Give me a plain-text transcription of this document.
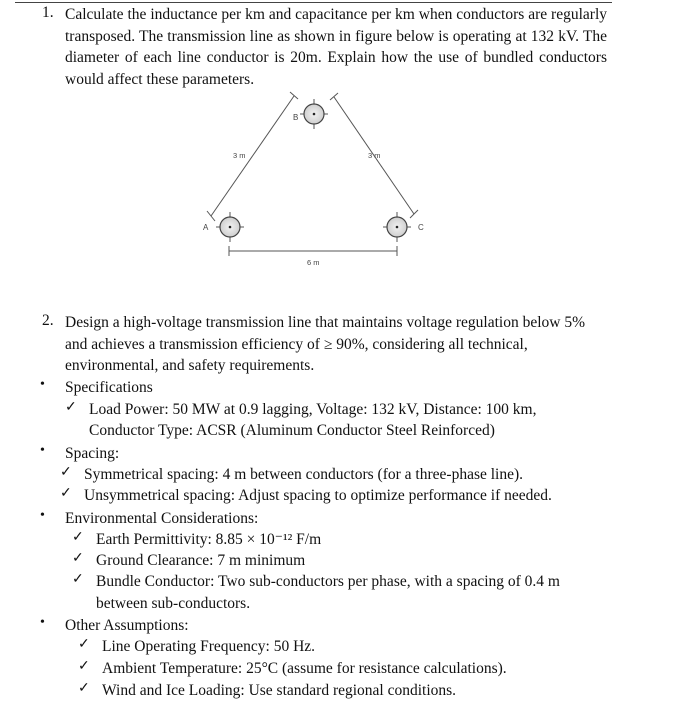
1. Calculate the inductance per km and capacitance per km when conductors are regularly transposed. The transmission line as shown in figure below is operating at 132 kV. The diameter of each line conductor is 20m. Explain how the use of bundled conductors would affect these parameters.
B
A	C
3 m	3 m
6 m
2. Design a high-voltage transmission line that maintains voltage regulation below 5%
and achieves a transmission efficiency of ≥ 90%, considering all technical,
environmental, and safety requirements.
• Specifications
✓ Load Power: 50 MW at 0.9 lagging, Voltage: 132 kV, Distance: 100 km,
Conductor Type: ACSR (Aluminum Conductor Steel Reinforced)
• Spacing:
✓ Symmetrical spacing: 4 m between conductors (for a three-phase line).
✓ Unsymmetrical spacing: Adjust spacing to optimize performance if needed.
• Environmental Considerations:
✓ Earth Permittivity: 8.85 × 10⁻¹² F/m
✓ Ground Clearance: 7 m minimum
✓ Bundle Conductor: Two sub-conductors per phase, with a spacing of 0.4 m
between sub-conductors.
• Other Assumptions:
✓ Line Operating Frequency: 50 Hz.
✓ Ambient Temperature: 25°C (assume for resistance calculations).
✓ Wind and Ice Loading: Use standard regional conditions.
